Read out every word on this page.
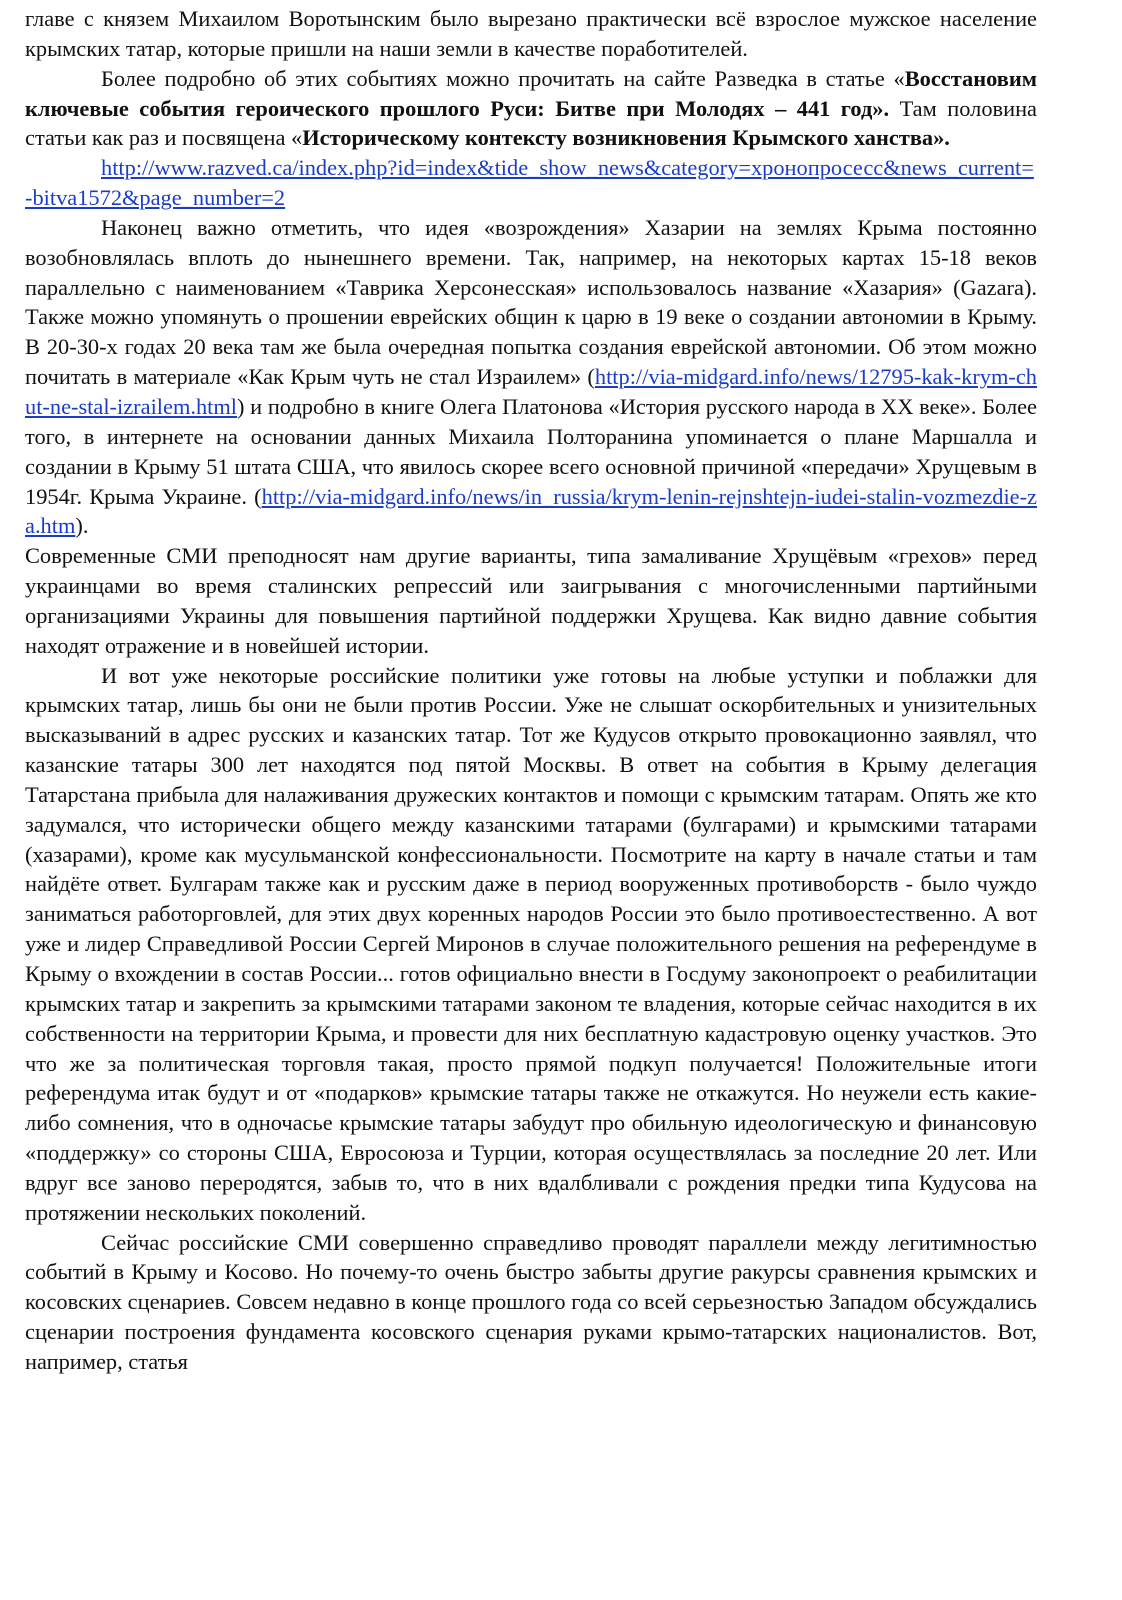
главе с князем Михаилом Воротынским было вырезано практически всё взрослое мужское население крымских татар, которые пришли на наши земли в качестве поработителей.

Более подробно об этих событиях можно прочитать на сайте Разведка в статье «Восстановим ключевые события героического прошлого Руси: Битве при Молодях – 441 год». Там половина статьи как раз и посвящена «Историческому контексту возникновения Крымского ханства».

http://www.razved.ca/index.php?id=index&tide_show_news&category=хронопросесс&news_current=-bitva1572&page_number=2

Наконец важно отметить, что идея «возрождения» Хазарии на землях Крыма постоянно возобновлялась вплоть до нынешнего времени. Так, например, на некоторых картах 15-18 веков параллельно с наименованием «Таврика Херсонесская» использовалось название «Хазария» (Gazara). Также можно упомянуть о прошении еврейских общин к царю в 19 веке о создании автономии в Крыму. В 20-30-х годах 20 века там же была очередная попытка создания еврейской автономии. Об этом можно почитать в материале «Как Крым чуть не стал Израилем» (http://via-midgard.info/news/12795-kak-krym-chut-ne-stal-izrailem.html) и подробно в книге Олега Платонова «История русского народа в XX веке». Более того, в интернете на основании данных Михаила Полторанина упоминается о плане Маршалла и создании в Крыму 51 штата США, что явилось скорее всего основной причиной «передачи» Хрущевым в 1954г. Крыма Украине. (http://via-midgard.info/news/in_russia/krym-lenin-rejnshtejn-iudei-stalin-vozmezdie-za.htm).

Современные СМИ преподносят нам другие варианты, типа замаливание Хрущёвым «грехов» перед украинцами во время сталинских репрессий или заигрывания с многочисленными партийными организациями Украины для повышения партийной поддержки Хрущева. Как видно давние события находят отражение и в новейшей истории.

И вот уже некоторые российские политики уже готовы на любые уступки и поблажки для крымских татар, лишь бы они не были против России. Уже не слышат оскорбительных и унизительных высказываний в адрес русских и казанских татар. Тот же Кудусов открыто провокационно заявлял, что казанские татары 300 лет находятся под пятой Москвы. В ответ на события в Крыму делегация Татарстана прибыла для налаживания дружеских контактов и помощи с крымским татарам. Опять же кто задумался, что исторически общего между казанскими татарами (булгарами) и крымскими татарами (хазарами), кроме как мусульманской конфессиональности. Посмотрите на карту в начале статьи и там найдёте ответ. Булгарам также как и русским даже в период вооруженных противоборств - было чуждо заниматься работорговлей, для этих двух коренных народов России это было противоестественно. А вот уже и лидер Справедливой России Сергей Миронов в случае положительного решения на референдуме в Крыму о вхождении в состав России... готов официально внести в Госдуму законопроект о реабилитации крымских татар и закрепить за крымскими татарами законом те владения, которые сейчас находится в их собственности на территории Крыма, и провести для них бесплатную кадастровую оценку участков. Это что же за политическая торговля такая, просто прямой подкуп получается! Положительные итоги референдума итак будут и от «подарков» крымские татары также не откажутся. Но неужели есть какие-либо сомнения, что в одночасье крымские татары забудут про обильную идеологическую и финансовую «поддержку» со стороны США, Евросоюза и Турции, которая осуществлялась за последние 20 лет. Или вдруг все заново переродятся, забыв то, что в них вдалбливали с рождения предки типа Кудусова на протяжении нескольких поколений.

Сейчас российские СМИ совершенно справедливо проводят параллели между легитимностью событий в Крыму и Косово. Но почему-то очень быстро забыты другие ракурсы сравнения крымских и косовских сценариев. Совсем недавно в конце прошлого года со всей серьезностью Западом обсуждались сценарии построения фундамента косовского сценария руками крымо-татарских националистов. Вот, например, статья
